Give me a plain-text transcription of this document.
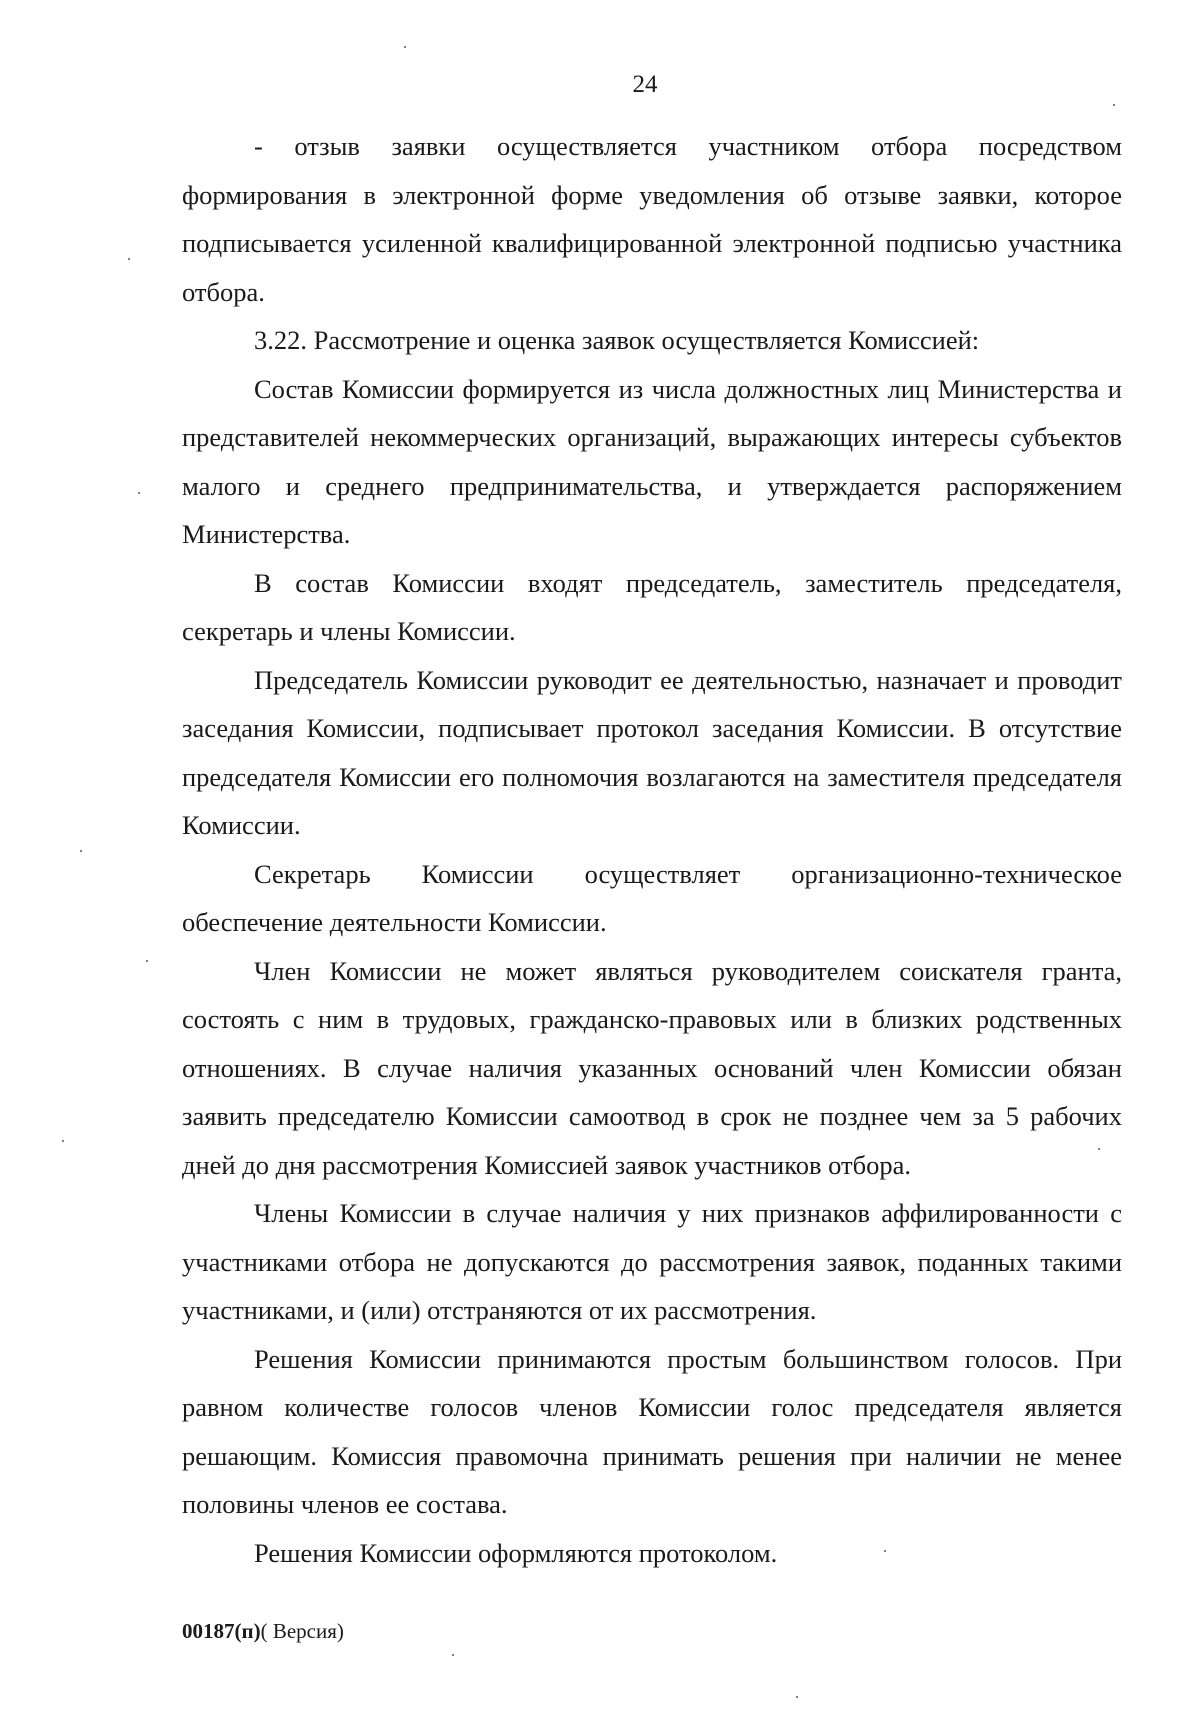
24

- отзыв заявки осуществляется участником отбора посредством формирования в электронной форме уведомления об отзыве заявки, которое подписывается усиленной квалифицированной электронной подписью участника отбора.

3.22. Рассмотрение и оценка заявок осуществляется Комиссией:

Состав Комиссии формируется из числа должностных лиц Министерства и представителей некоммерческих организаций, выражающих интересы субъектов малого и среднего предпринимательства, и утверждается распоряжением Министерства.

В состав Комиссии входят председатель, заместитель председателя, секретарь и члены Комиссии.

Председатель Комиссии руководит ее деятельностью, назначает и проводит заседания Комиссии, подписывает протокол заседания Комиссии. В отсутствие председателя Комиссии его полномочия возлагаются на заместителя председателя Комиссии.

Секретарь Комиссии осуществляет организационно-техническое обеспечение деятельности Комиссии.

Член Комиссии не может являться руководителем соискателя гранта, состоять с ним в трудовых, гражданско-правовых или в близких родственных отношениях. В случае наличия указанных оснований член Комиссии обязан заявить председателю Комиссии самоотвод в срок не позднее чем за 5 рабочих дней до дня рассмотрения Комиссией заявок участников отбора.

Члены Комиссии в случае наличия у них признаков аффилированности с участниками отбора не допускаются до рассмотрения заявок, поданных такими участниками, и (или) отстраняются от их рассмотрения.

Решения Комиссии принимаются простым большинством голосов. При равном количестве голосов членов Комиссии голос председателя является решающим. Комиссия правомочна принимать решения при наличии не менее половины членов ее состава.

Решения Комиссии оформляются протоколом.

00187(п)( Версия)
